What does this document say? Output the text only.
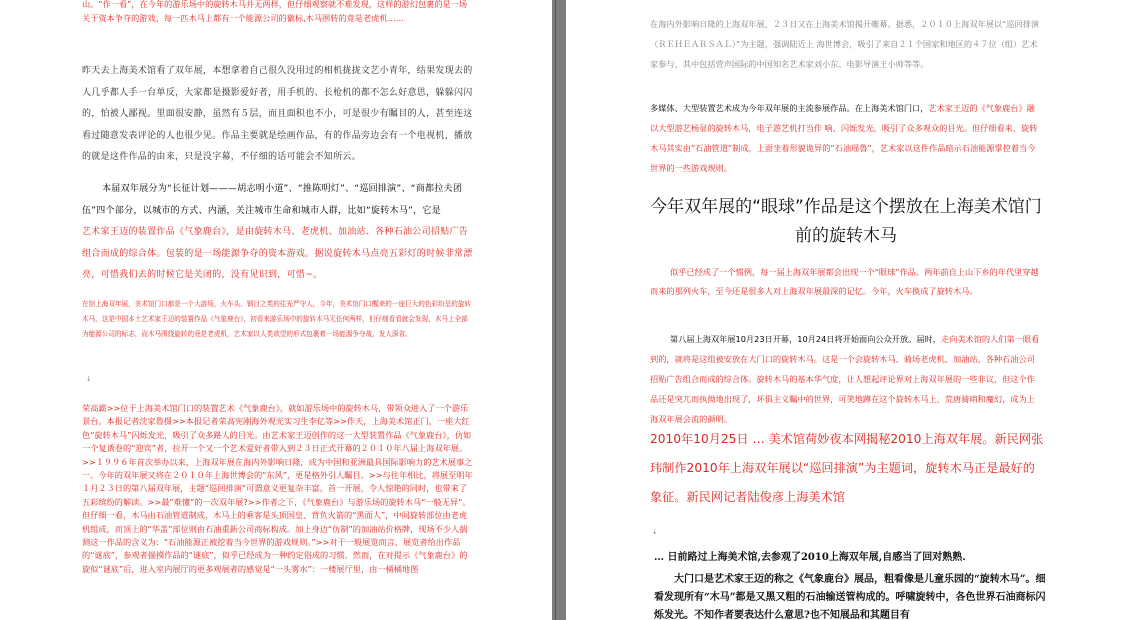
山。“作一看”，在今年的游乐场中的旋转木马并无两样，但仔细观察就不难发现，这样的游幻包裹的是一场关于资本争夺的游戏，每一匹木马上都有一个能源公司的徽标,木马围转的竟是老虎机……

昨天去上海美术馆看了双年展，本想拿着自己很久没用过的相机拢拢文艺小青年，结果发现去的人几乎都人手一台单反，大家都是摄影爱好者，用手机的、长枪机的都不怎么好意思，躲躲闪闪的，怕被人鄙视。里面很安静，虽然有５层，而且面积也不小，可是很少有瞩目的人，甚至连这看过随意发表评论的人也很少见。作品主要就是绘画作品，有的作品旁边会有一个电视机，播放的就是这件作品的由来，只是没字幕，不仔细的话可能会不知所云。

本届双年展分为“长征计划———胡志明小道”、“推陈明灯”、“巡回排演”、“商都拉夫团伍”四个部分，以城市的方式、内涵，关注城市生命和城市人群，比如“旋转木马”，它是艺术家王迈的装置作品《气象鹿台》，是由旋转木马、老虎机、加油站、各种石油公司招贴广告组合而成的综合体。包装的是一场能源争夺的资本游戏。据说旋转木马点亮五彩灯的时候非常漂亮，可惜我们去的时候它是关闭的，没有见识到，可惜~。

在馆上海双年展，美术馆门口都是一个大游场，火车头、钢目之类的往光严守人，今年，美术馆门口醒来的一座巨大的色彩纷呈的旋转木马，这是中国本土艺术家王迈的装置作品《气象鹿台》，初看来游乐场中的旋转木马无任何两样，但仔细看看就会发现，木马上全部为能源公司的标志，而木马围绕旋转的竟是老虎机，艺术家以人类欲望的形式包裹着一场能源争夺战，发人深省。

↓

荣高霸>>位于上海美术馆门口的装置艺术《气象鹿台》，就如游乐场中的旋转木马，带领众进入了一个游乐景台。本报记者沈家魯摄>>本报记者荣高宪刚海外观光实习生李亿等>>作天，上海美术馆正门，一座大红色“旋转木马”闪烁发光，吸引了众多路人的目光。由艺术家王迈创作的这一大型装置作品《气象鹿台》，仿如一个复诱卷的“迎宾”者，拉开一个又一个艺术爱好者带入到２３日正式开幕的２０１０年八届上海双年展。>>１９９６年首次举办以来，上海双年展在海内外影响日隆，成为中国和亚洲最具国际影响力的艺术展事之一。今年的双年展又将在２０１０年上海世博会的“东风”，更是格外引人瞩目。>>与往年相比，将展至明年１月２３日的第八届双年展，主题“巡回排演”可谓意义更复杂丰富。首一开展，令人惊艳的同时，也带来了五彩缤纷的解读。>>最“难懂”的一次双年展?>>作者之下，《气象鹿台》与游乐场的旋转木马“一般无异”。但仔细一看，木马由石油管道制成，木马上的乘客是头顶国皇、背负火箭的“黑面人”，中间旋转部位由老虎机组成，而顶上的“华盖”部位则由石油重新公司商标构成。加上身边“仿制”的加油站价格牌，现场不少人揣测这一作品的含义为：“石油能源正被挖着当今世界的游戏规则。”>>对于一般展览而言，展览者给出作品的“谜底”，参观者揣摸作品的“谜底”，似乎已经成为一种约定俗成的习惯。然而，在对提示《气象鹿台》的旋似“谜底”后，进入室内展厅的更多观展者的感觉是“一头雾水”：一楼展厅里，由一桶桶地图

在海内外影响日隆的上海双年展，２３日又在上海美术馆揭开帷幕。据悉，２０１０上海双年展以“巡回排演（ＲＥＨＥＡＲＳＡＬ）”为主题，强调陆近上 海世博会，吸引了来自２１个国家和地区的４７位（组）艺术家参与，其中包括营声国际的中国知名艺术家刘小东、电影导演王小帅等等。

多媒体、大型装置艺术成为今年双年展的主流参展作品。在上海美术馆门口，艺术家王迈的《气象鹿台》融以大型游艺杨显的旋转木马，电子游艺机打当作 响、闪烁发光，吸引了众多观众的目光。但仔细看来，旋转木马其实由“石油管道”制成，上面坐着形貌诡异的“石油瑶魯”，艺术家以这件作品暗示石油能源掌控着当今 世界的一些游戏规则。
今年双年展的“眼球”作品是这个摆放在上海美术馆门
前的旋转木马

似乎已经成了一个惯例，每一届上海双年展都会出现一个“眼球”作品。两年前自上山下乡的年代里穿越而来的那列火车，至今还是很多人对上海双年展最深的记忆。今年，火车换成了旋转木马。

第八届上海双年展10月23日开幕，10月24日将开始面向公众开放。届时，走向美术馆的人们第一眼看到的，就将是这组被安放在大门口的旋转木马。这是一个会旋转木马、骑场老虎机、加油站、各种石油公司招贴广告组合而成的综合体。旋转木马的基本华气度，让人想起评论界对上海双年展的一些非议，但这个作品还是突兀而执拗地出现了，坏俱主义瞩中的世界，可笑地蹲在这个旋转木马上，荒唐骑哨和魔幻，成为上海双年展会流的颜明。

2010年10月25日 … 美术馆荷妙夜本网揭秘2010上海双年展。新民网张玮制作2010年上海双年展以“巡回排演”为主题词，旋转木马正是最好的象征。新民网记者陆俊彦上海美术馆

↓

… 日前路过上海美术馆,去参观了2010上海双年展,自感当了回对熟熟.

大门口是艺术家王迈的称之《气象鹿台》展品，粗看像是儿童乐园的“旋转木马”。细看发现所有“木马”都是又黑又粗的石油输送管构成的。呼啸旋转中，各色世界石油商标闪烁发光。不知作者要表达什么意思?也不知展品和其题目有
